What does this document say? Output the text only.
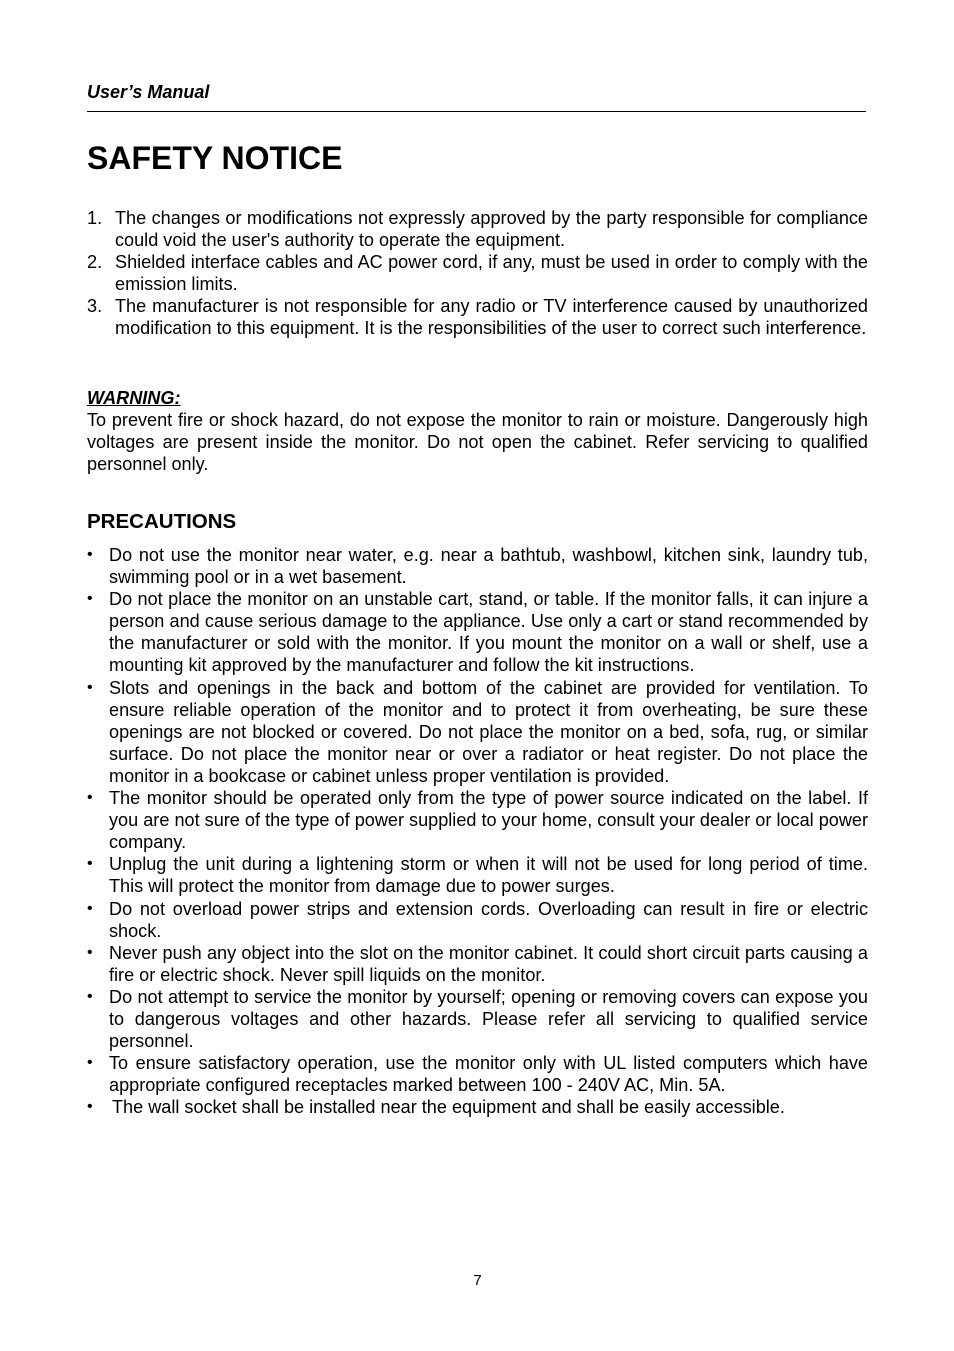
User’s Manual
SAFETY NOTICE
1. The changes or modifications not expressly approved by the party responsible for compliance could void the user's authority to operate the equipment.
2. Shielded interface cables and AC power cord, if any, must be used in order to comply with the emission limits.
3. The manufacturer is not responsible for any radio or TV interference caused by unauthorized modification to this equipment. It is the responsibilities of the user to correct such interference.
WARNING:
To prevent fire or shock hazard, do not expose the monitor to rain or moisture. Dangerously high voltages are present inside the monitor. Do not open the cabinet. Refer servicing to qualified personnel only.
PRECAUTIONS
• Do not use the monitor near water, e.g. near a bathtub, washbowl, kitchen sink, laundry tub, swimming pool or in a wet basement.
• Do not place the monitor on an unstable cart, stand, or table. If the monitor falls, it can injure a person and cause serious damage to the appliance. Use only a cart or stand recommended by the manufacturer or sold with the monitor. If you mount the monitor on a wall or shelf, use a mounting kit approved by the manufacturer and follow the kit instructions.
• Slots and openings in the back and bottom of the cabinet are provided for ventilation. To ensure reliable operation of the monitor and to protect it from overheating, be sure these openings are not blocked or covered. Do not place the monitor on a bed, sofa, rug, or similar surface. Do not place the monitor near or over a radiator or heat register. Do not place the monitor in a bookcase or cabinet unless proper ventilation is provided.
• The monitor should be operated only from the type of power source indicated on the label. If you are not sure of the type of power supplied to your home, consult your dealer or local power company.
• Unplug the unit during a lightening storm or when it will not be used for long period of time. This will protect the monitor from damage due to power surges.
• Do not overload power strips and extension cords. Overloading can result in fire or electric shock.
• Never push any object into the slot on the monitor cabinet. It could short circuit parts causing a fire or electric shock. Never spill liquids on the monitor.
• Do not attempt to service the monitor by yourself; opening or removing covers can expose you to dangerous voltages and other hazards. Please refer all servicing to qualified service personnel.
• To ensure satisfactory operation, use the monitor only with UL listed computers which have appropriate configured receptacles marked between 100 - 240V AC, Min. 5A.
• The wall socket shall be installed near the equipment and shall be easily accessible.
7
